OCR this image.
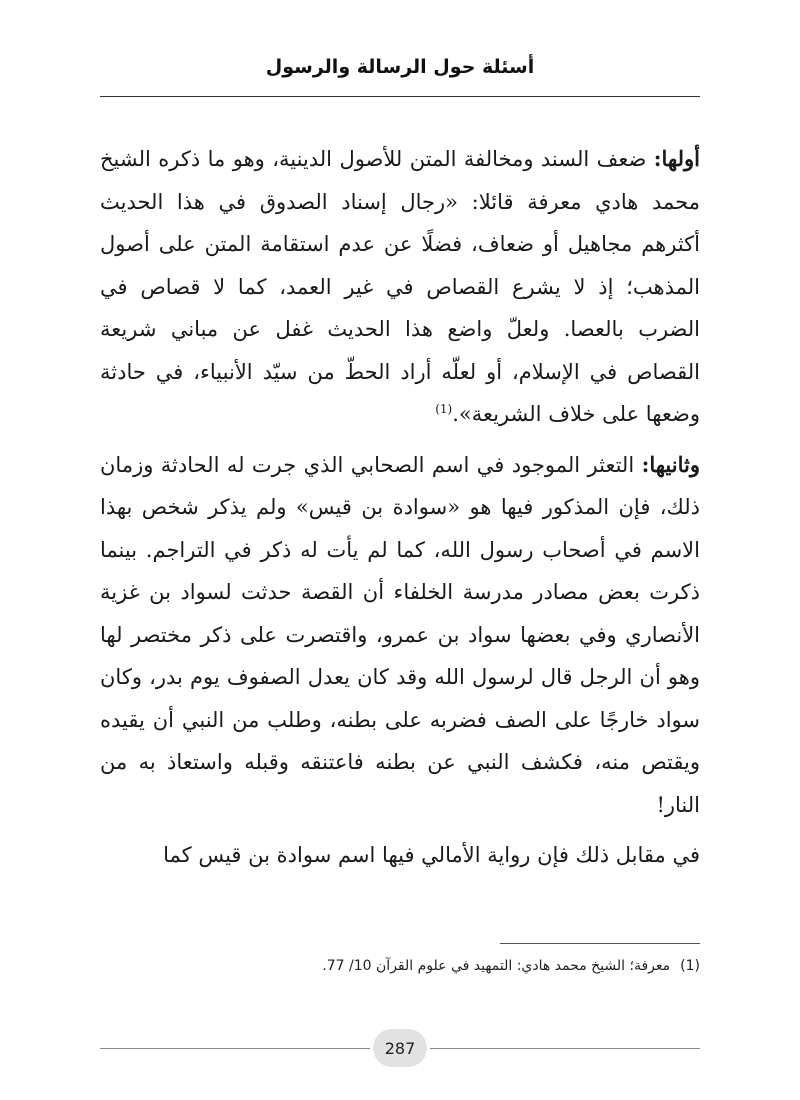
أسئلة حول الرسالة والرسول

أولها: ضعف السند ومخالفة المتن للأصول الدينية، وهو ما ذكره الشيخ محمد هادي معرفة قائلا: «رجال إسناد الصدوق في هذا الحديث أكثرهم مجاهيل أو ضعاف، فضلًا عن عدم استقامة المتن على أصول المذهب؛ إذ لا يشرع القصاص في غير العمد، كما لا قصاص في الضرب بالعصا. ولعلّ واضع هذا الحديث غفل عن مباني شريعة القصاص في الإسلام، أو لعلّه أراد الحطّ من سيّد الأنبياء، في حادثة وضعها على خلاف الشريعة».$^{(1)}$

وثانيها: التعثر الموجود في اسم الصحابي الذي جرت له الحادثة وزمان ذلك، فإن المذكور فيها هو «سوادة بن قيس» ولم يذكر شخص بهذا الاسم في أصحاب رسول الله، كما لم يأت له ذكر في التراجم. بينما ذكرت بعض مصادر مدرسة الخلفاء أن القصة حدثت لسواد بن غزية الأنصاري وفي بعضها سواد بن عمرو، واقتصرت على ذكر مختصر لها وهو أن الرجل قال لرسول الله وقد كان يعدل الصفوف يوم بدر، وكان سواد خارجًا على الصف فضربه على بطنه، وطلب من النبي أن يقيده ويقتص منه، فكشف النبي عن بطنه فاعتنقه وقبله واستعاذ به من النار!

في مقابل ذلك فإن رواية الأمالي فيها اسم سوادة بن قيس كما

(1)معرفة؛ الشيخ محمد هادي: التمهيد في علوم القرآن 10/ 77.
287
